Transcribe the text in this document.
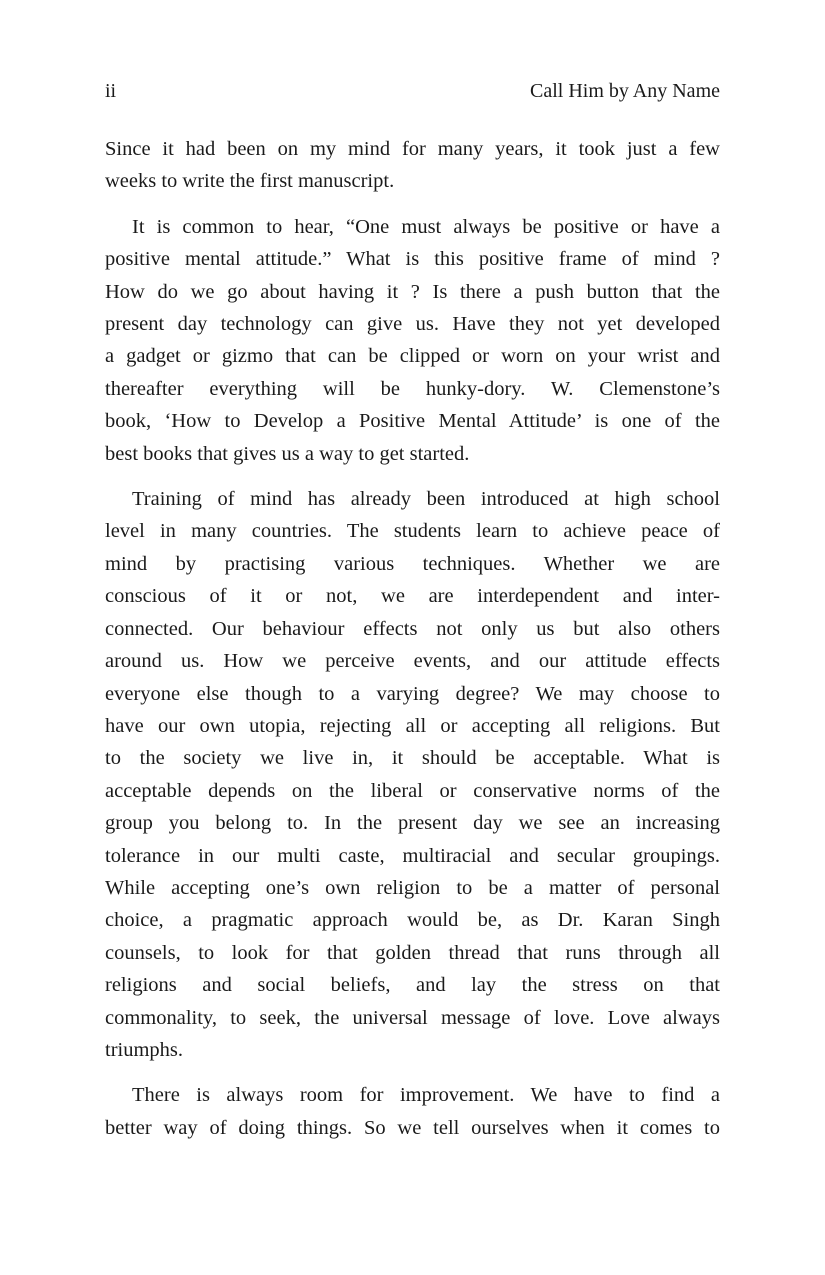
ii	Call Him by Any Name
Since it had been on my mind for many years, it took just a few
weeks to write the first manuscript.
It is common to hear, “One must always be positive or have a
positive mental attitude.” What is this positive frame of mind ?
How do we go about having it ? Is there a push button that the
present day technology can give us. Have they not yet developed
a gadget or gizmo that can be clipped or worn on your wrist and
thereafter everything will be hunky-dory. W. Clemenstone’s
book, ‘How to Develop a Positive Mental Attitude’ is one of the
best books that gives us a way to get started.
Training of mind has already been introduced at high school
level in many countries. The students learn to achieve peace of
mind by practising various techniques. Whether we are
conscious of it or not, we are interdependent and inter-
connected. Our behaviour effects not only us but also others
around us. How we perceive events, and our attitude effects
everyone else though to a varying degree? We may choose to
have our own utopia, rejecting all or accepting all religions. But
to the society we live in, it should be acceptable. What is
acceptable depends on the liberal or conservative norms of the
group you belong to. In the present day we see an increasing
tolerance in our multi caste, multiracial and secular groupings.
While accepting one’s own religion to be a matter of personal
choice, a pragmatic approach would be, as Dr. Karan Singh
counsels, to look for that golden thread that runs through all
religions and social beliefs, and lay the stress on that
commonality, to seek, the universal message of love. Love always
triumphs.
There is always room for improvement. We have to find a
better way of doing things. So we tell ourselves when it comes to
